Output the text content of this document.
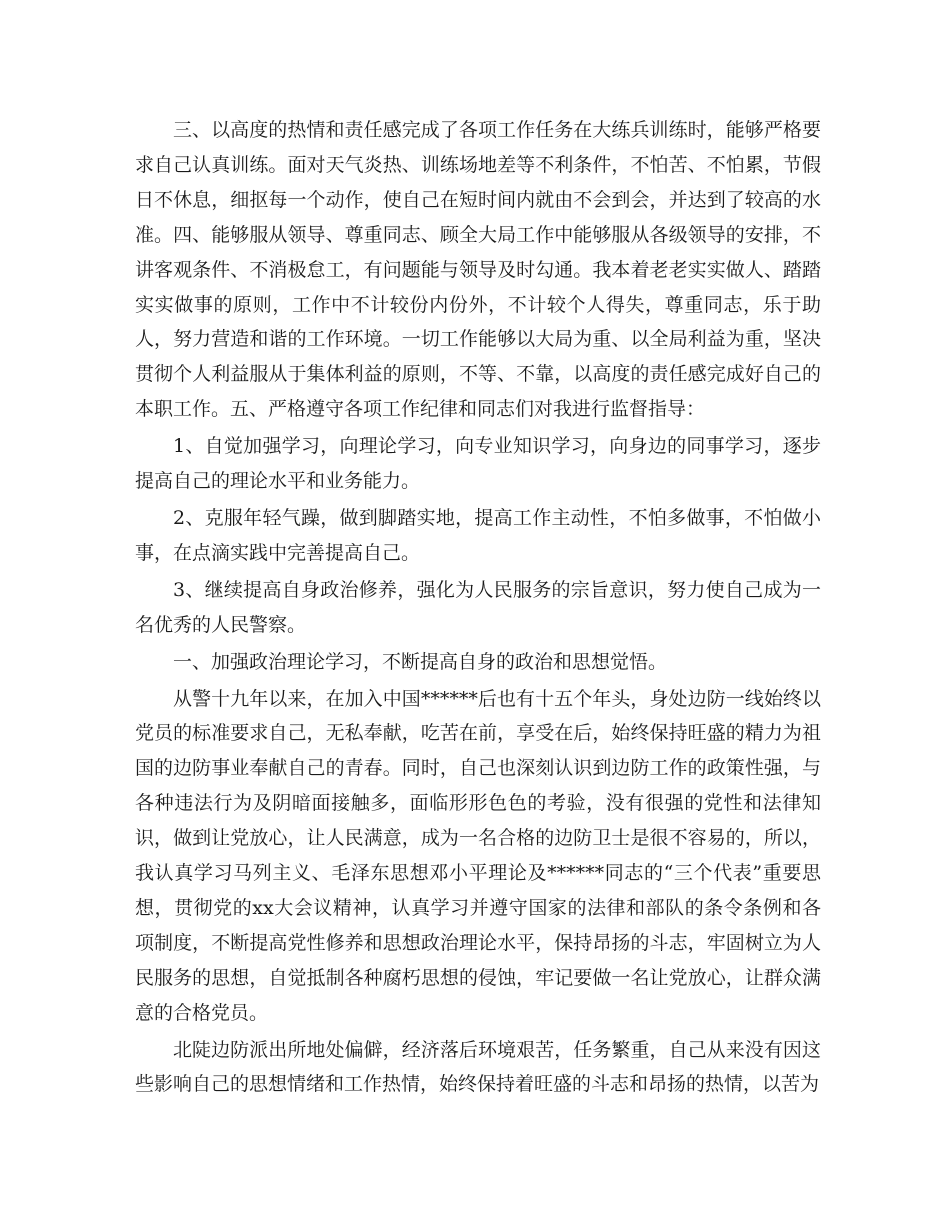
三、以高度的热情和责任感完成了各项工作任务在大练兵训练时，能够严格要求自己认真训练。面对天气炎热、训练场地差等不利条件，不怕苦、不怕累，节假日不休息，细抠每一个动作，使自己在短时间内就由不会到会，并达到了较高的水准。四、能够服从领导、尊重同志、顾全大局工作中能够服从各级领导的安排，不讲客观条件、不消极怠工，有问题能与领导及时勾通。我本着老老实实做人、踏踏实实做事的原则，工作中不计较份内份外，不计较个人得失，尊重同志，乐于助人，努力营造和谐的工作环境。一切工作能够以大局为重、以全局利益为重，坚决贯彻个人利益服从于集体利益的原则，不等、不靠，以高度的责任感完成好自己的本职工作。五、严格遵守各项工作纪律和同志们对我进行监督指导：

1、自觉加强学习，向理论学习，向专业知识学习，向身边的同事学习，逐步提高自己的理论水平和业务能力。

2、克服年轻气躁，做到脚踏实地，提高工作主动性，不怕多做事，不怕做小事，在点滴实践中完善提高自己。

3、继续提高自身政治修养，强化为人民服务的宗旨意识，努力使自己成为一名优秀的人民警察。

一、加强政治理论学习，不断提高自身的政治和思想觉悟。

从警十九年以来，在加入中国******后也有十五个年头，身处边防一线始终以党员的标准要求自己，无私奉献，吃苦在前，享受在后，始终保持旺盛的精力为祖国的边防事业奉献自己的青春。同时，自己也深刻认识到边防工作的政策性强，与各种违法行为及阴暗面接触多，面临形形色色的考验，没有很强的党性和法律知识，做到让党放心，让人民满意，成为一名合格的边防卫士是很不容易的，所以，我认真学习马列主义、毛泽东思想邓小平理论及******同志的“三个代表”重要思想，贯彻党的xx大会议精神，认真学习并遵守国家的法律和部队的条令条例和各项制度，不断提高党性修养和思想政治理论水平，保持昂扬的斗志，牢固树立为人民服务的思想，自觉抵制各种腐朽思想的侵蚀，牢记要做一名让党放心，让群众满意的合格党员。

北陡边防派出所地处偏僻，经济落后环境艰苦，任务繁重，自己从来没有因这些影响自己的思想情绪和工作热情，始终保持着旺盛的斗志和昂扬的热情，以苦为
